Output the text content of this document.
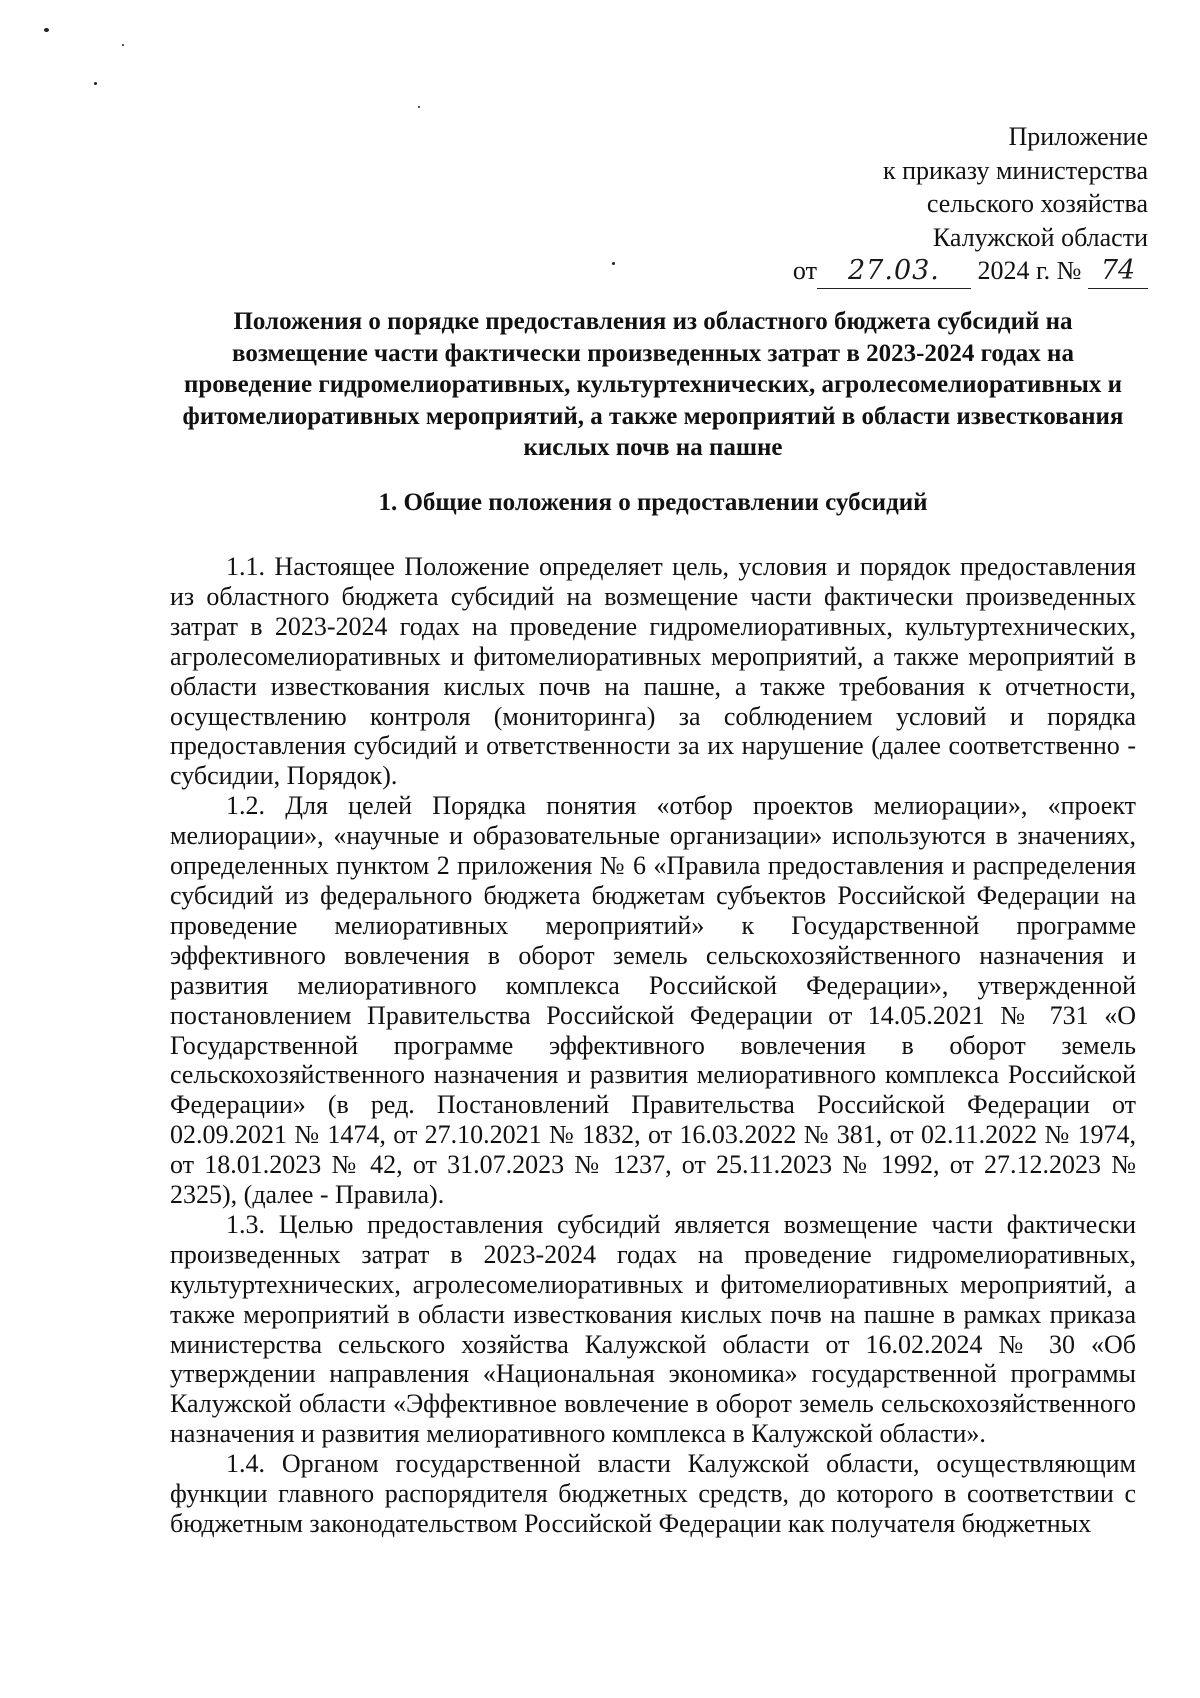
Приложение
к приказу министерства
сельского хозяйства
Калужской области
от 27.03. 2024 г. № 74
Положения о порядке предоставления из областного бюджета субсидий на возмещение части фактически произведенных затрат в 2023-2024 годах на проведение гидромелиоративных, культуртехнических, агролесомелиоративных и фитомелиоративных мероприятий, а также мероприятий в области известкования кислых почв на пашне
1. Общие положения о предоставлении субсидий

1.1. Настоящее Положение определяет цель, условия и порядок предоставления из областного бюджета субсидий на возмещение части фактически произведенных затрат в 2023-2024 годах на проведение гидромелиоративных, культуртехнических, агролесомелиоративных и фитомелиоративных мероприятий, а также мероприятий в области известкования кислых почв на пашне, а также требования к отчетности, осуществлению контроля (мониторинга) за соблюдением условий и порядка предоставления субсидий и ответственности за их нарушение (далее соответственно - субсидии, Порядок).

1.2. Для целей Порядка понятия «отбор проектов мелиорации», «проект мелиорации», «научные и образовательные организации» используются в значениях, определенных пунктом 2 приложения № 6 «Правила предоставления и распределения субсидий из федерального бюджета бюджетам субъектов Российской Федерации на проведение мелиоративных мероприятий» к Государственной программе эффективного вовлечения в оборот земель сельскохозяйственного назначения и развития мелиоративного комплекса Российской Федерации», утвержденной постановлением Правительства Российской Федерации от 14.05.2021 № 731 «О Государственной программе эффективного вовлечения в оборот земель сельскохозяйственного назначения и развития мелиоративного комплекса Российской Федерации» (в ред. Постановлений Правительства Российской Федерации от 02.09.2021 № 1474, от 27.10.2021 № 1832, от 16.03.2022 № 381, от 02.11.2022 № 1974, от 18.01.2023 № 42, от 31.07.2023 № 1237, от 25.11.2023 № 1992, от 27.12.2023 № 2325), (далее - Правила).

1.3. Целью предоставления субсидий является возмещение части фактически произведенных затрат в 2023-2024 годах на проведение гидромелиоративных, культуртехнических, агролесомелиоративных и фитомелиоративных мероприятий, а также мероприятий в области известкования кислых почв на пашне в рамках приказа министерства сельского хозяйства Калужской области от 16.02.2024 № 30 «Об утверждении направления «Национальная экономика» государственной программы Калужской области «Эффективное вовлечение в оборот земель сельскохозяйственного назначения и развития мелиоративного комплекса в Калужской области».

1.4. Органом государственной власти Калужской области, осуществляющим функции главного распорядителя бюджетных средств, до которого в соответствии с бюджетным законодательством Российской Федерации как получателя бюджетных
